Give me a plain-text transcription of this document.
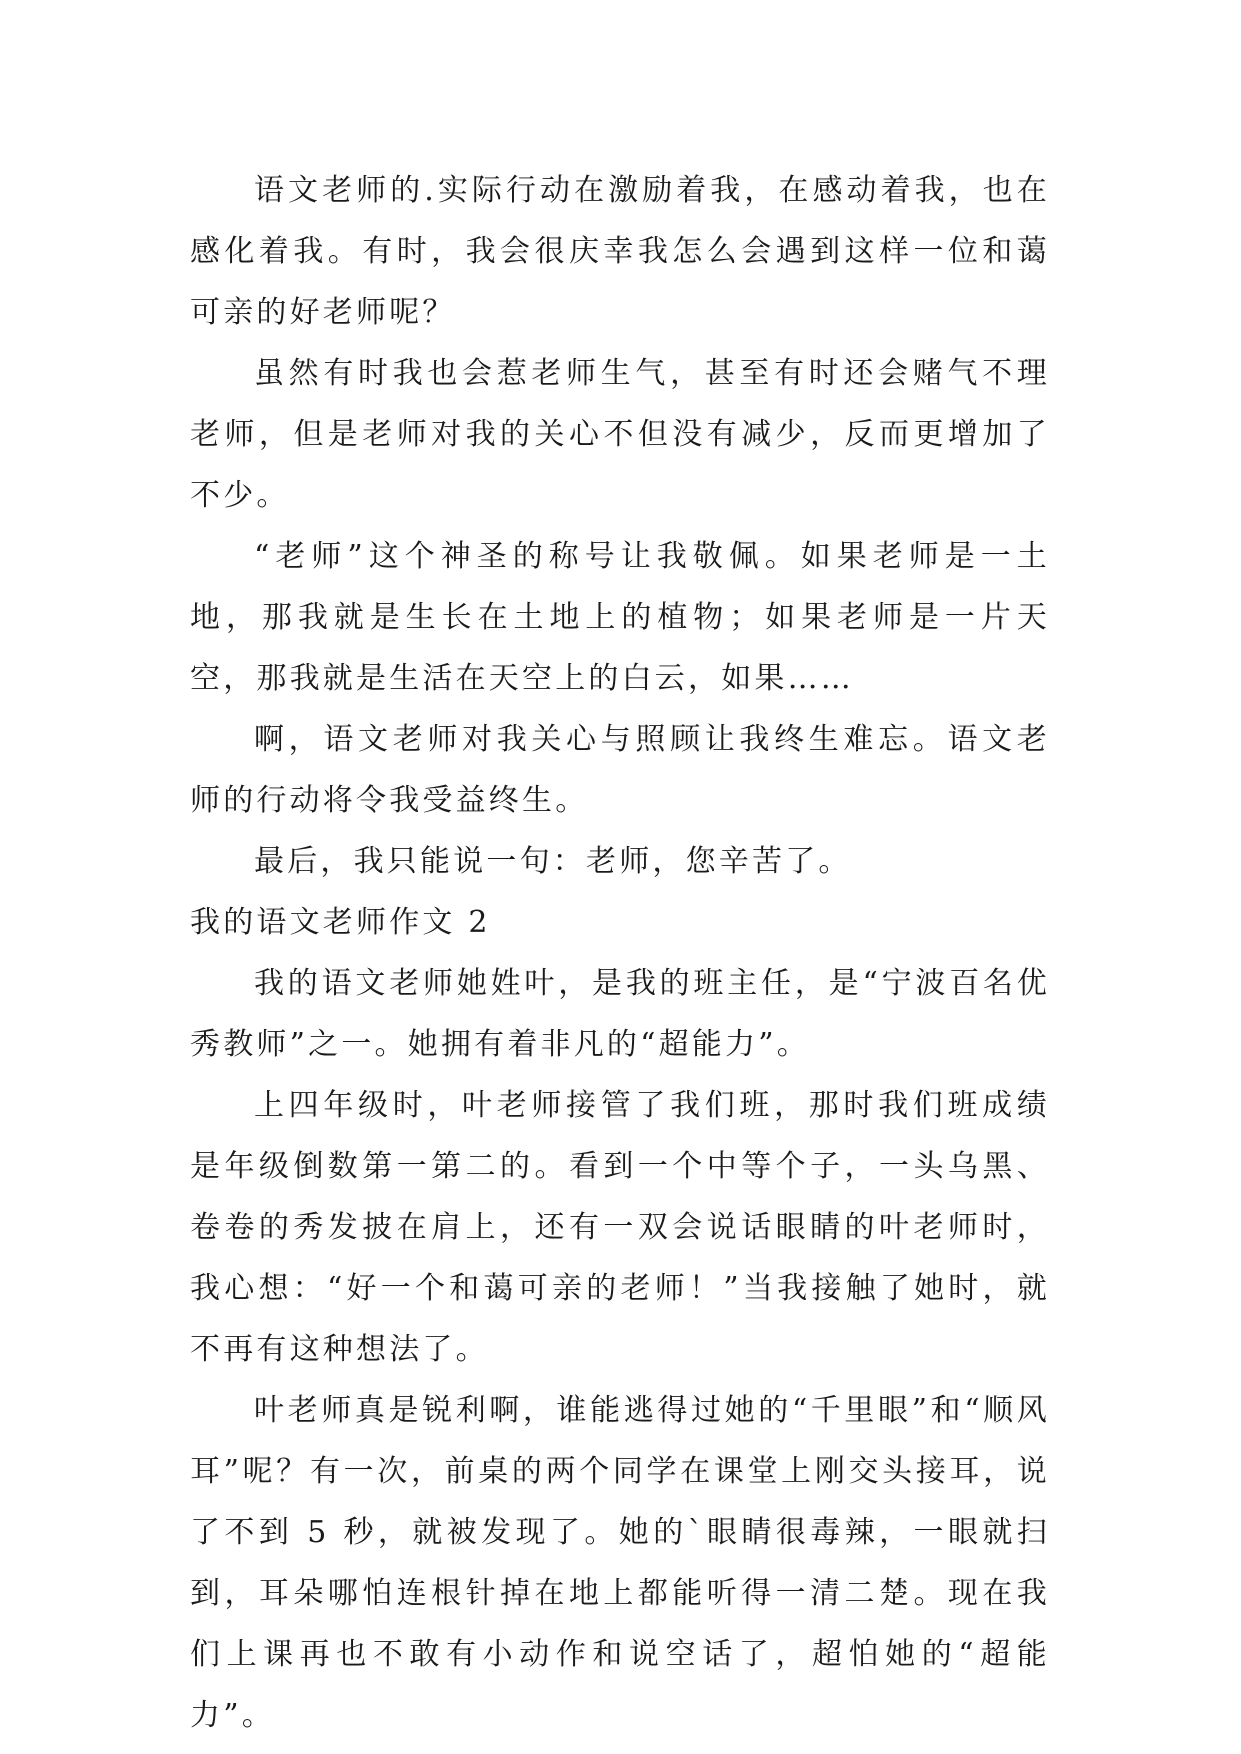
语文老师的.实际行动在激励着我，在感动着我，也在感化着我。有时，我会很庆幸我怎么会遇到这样一位和蔼可亲的好老师呢？

虽然有时我也会惹老师生气，甚至有时还会赌气不理老师，但是老师对我的关心不但没有减少，反而更增加了不少。

“老师”这个神圣的称号让我敬佩。如果老师是一土地，那我就是生长在土地上的植物；如果老师是一片天空，那我就是生活在天空上的白云，如果……

啊，语文老师对我关心与照顾让我终生难忘。语文老师的行动将令我受益终生。

最后，我只能说一句：老师，您辛苦了。

我的语文老师作文 2

我的语文老师她姓叶，是我的班主任，是“宁波百名优秀教师”之一。她拥有着非凡的“超能力”。

上四年级时，叶老师接管了我们班，那时我们班成绩是年级倒数第一第二的。看到一个中等个子，一头乌黑、卷卷的秀发披在肩上，还有一双会说话眼睛的叶老师时，我心想：“好一个和蔼可亲的老师！”当我接触了她时，就不再有这种想法了。

叶老师真是锐利啊，谁能逃得过她的“千里眼”和“顺风耳”呢？有一次，前桌的两个同学在课堂上刚交头接耳，说了不到 5 秒，就被发现了。她的`眼睛很毒辣，一眼就扫到，耳朵哪怕连根针掉在地上都能听得一清二楚。现在我们上课再也不敢有小动作和说空话了，超怕她的“超能力”。
